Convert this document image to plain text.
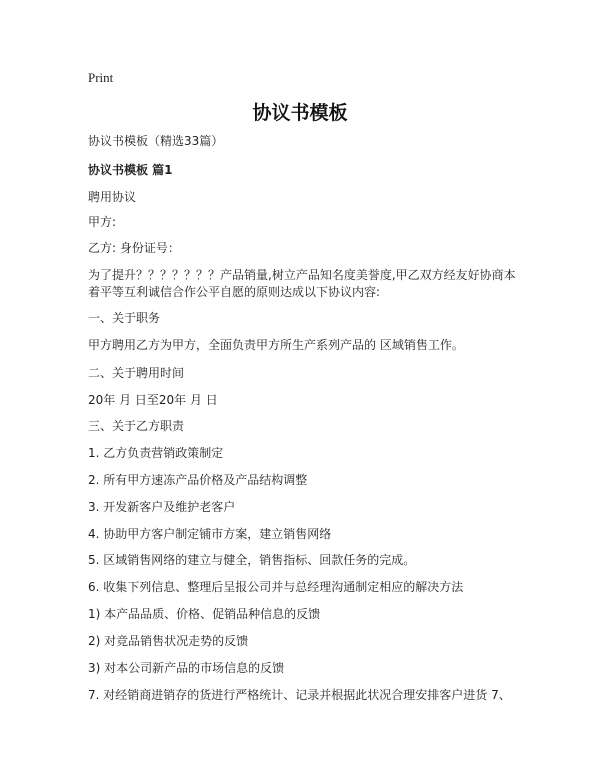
Print
协议书模板
协议书模板（精选33篇）
协议书模板 篇1
聘用协议
甲方:
乙方: 身份证号：
为了提升？？？？？？？产品销量,树立产品知名度美誉度,甲乙双方经友好协商本着平等互利诚信合作公平自愿的原则达成以下协议内容:
一、关于职务
甲方聘用乙方为甲方，全面负责甲方所生产系列产品的 区域销售工作。
二、关于聘用时间
20年 月 日至20年 月 日
三、关于乙方职责
1. 乙方负责营销政策制定
2. 所有甲方速冻产品价格及产品结构调整
3. 开发新客户及维护老客户
4. 协助甲方客户制定铺市方案，建立销售网络
5. 区域销售网络的建立与健全，销售指标、回款任务的完成。
6. 收集下列信息、整理后呈报公司并与总经理沟通制定相应的解决方法
1) 本产品品质、价格、促销品种信息的反馈
2) 对竞品销售状况走势的反馈
3) 对本公司新产品的市场信息的反馈
7. 对经销商进销存的货进行严格统计、记录并根据此状况合理安排客户进货 7、
